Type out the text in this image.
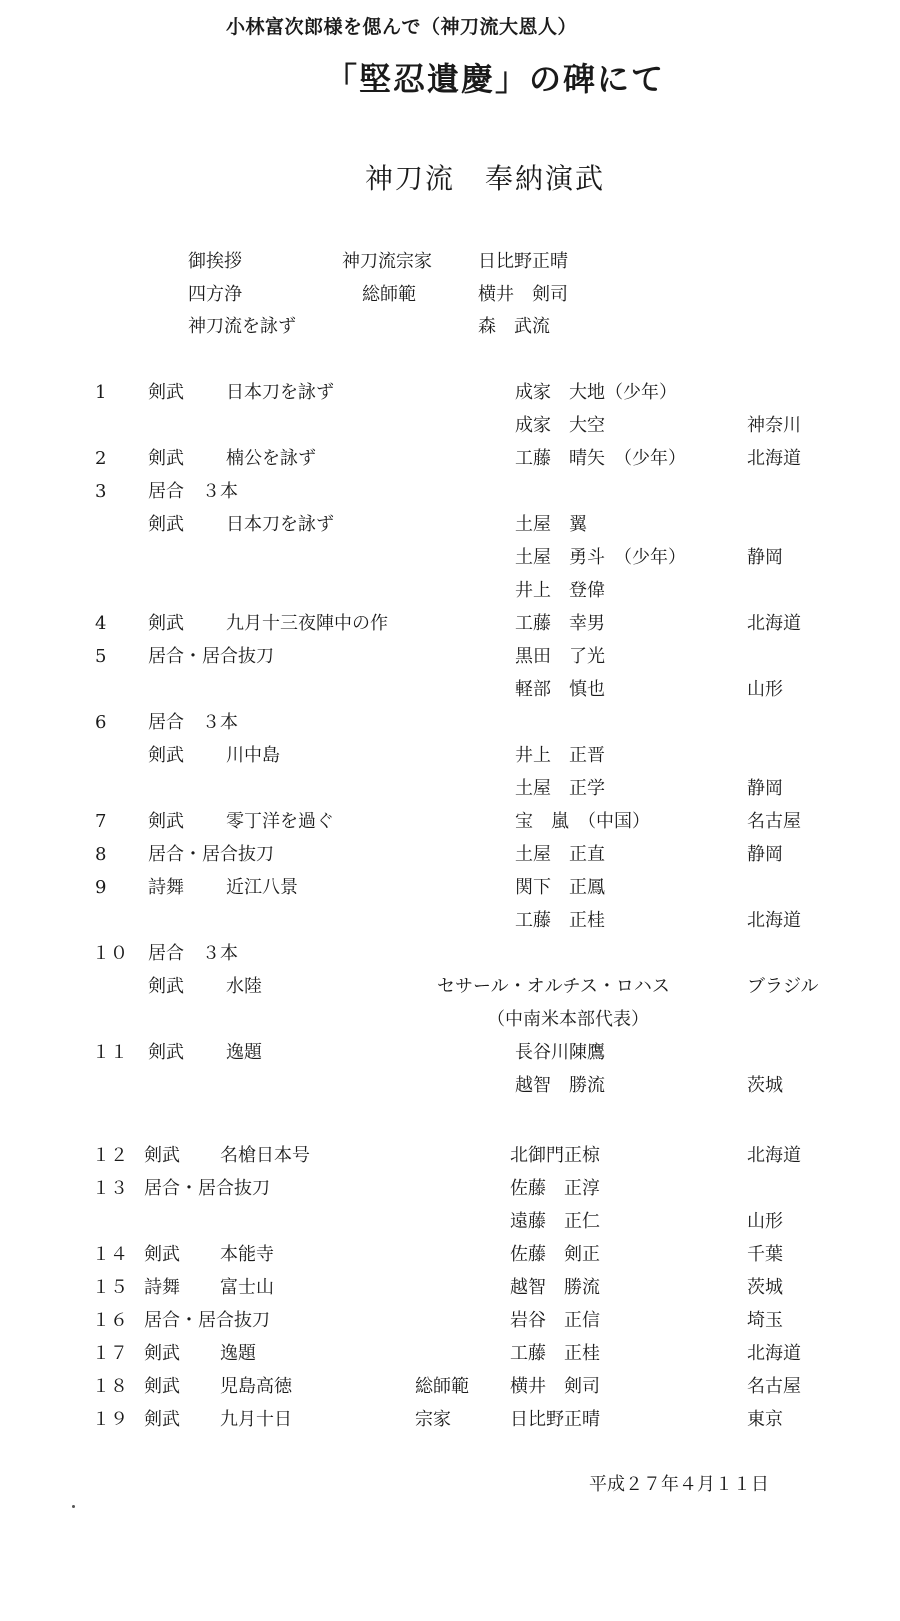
小林富次郎様を偲んで（神刀流大恩人）
「堅忍遺慶」の碑にて
神刀流　奉納演武
御挨拶	神刀流宗家	日比野正晴
四方浄	総師範	横井　剣司
神刀流を詠ず	森　武流
1 剣武 日本刀を詠ず	成家　大地（少年）
成家　大空	神奈川
2 剣武 楠公を詠ず	工藤　晴矢　（少年）	北海道
3 居合　３本
剣武 日本刀を詠ず	土屋　翼
土屋　勇斗　（少年）	静岡
井上　登偉
4 剣武 九月十三夜陣中の作	工藤　幸男	北海道
5 居合・居合抜刀	黒田　了光
軽部　慎也	山形
6 居合　３本
剣武 川中島	井上　正晋
土屋　正学	静岡
7 剣武 零丁洋を過ぐ	宝　嵐　（中国）	名古屋
8 居合・居合抜刀	土屋　正直	静岡
9 詩舞 近江八景	関下　正鳳
工藤　正桂	北海道
１０ 居合　３本
剣武 水陸	セサール・オルチス・ロハス	ブラジル
（中南米本部代表）
１１ 剣武 逸題	長谷川陳鷹
越智　勝流	茨城
１２ 剣武 名槍日本号	北御門正椋	北海道
１３ 居合・居合抜刀	佐藤　正淳
遠藤　正仁	山形
１４ 剣武 本能寺	佐藤　剣正	千葉
１５ 詩舞 富士山	越智　勝流	茨城
１６ 居合・居合抜刀	岩谷　正信	埼玉
１７ 剣武 逸題	工藤　正桂	北海道
１８ 剣武 児島高徳	総師範 横井　剣司	名古屋
１９ 剣武 九月十日	宗家	日比野正晴	東京
平成２７年４月１１日
